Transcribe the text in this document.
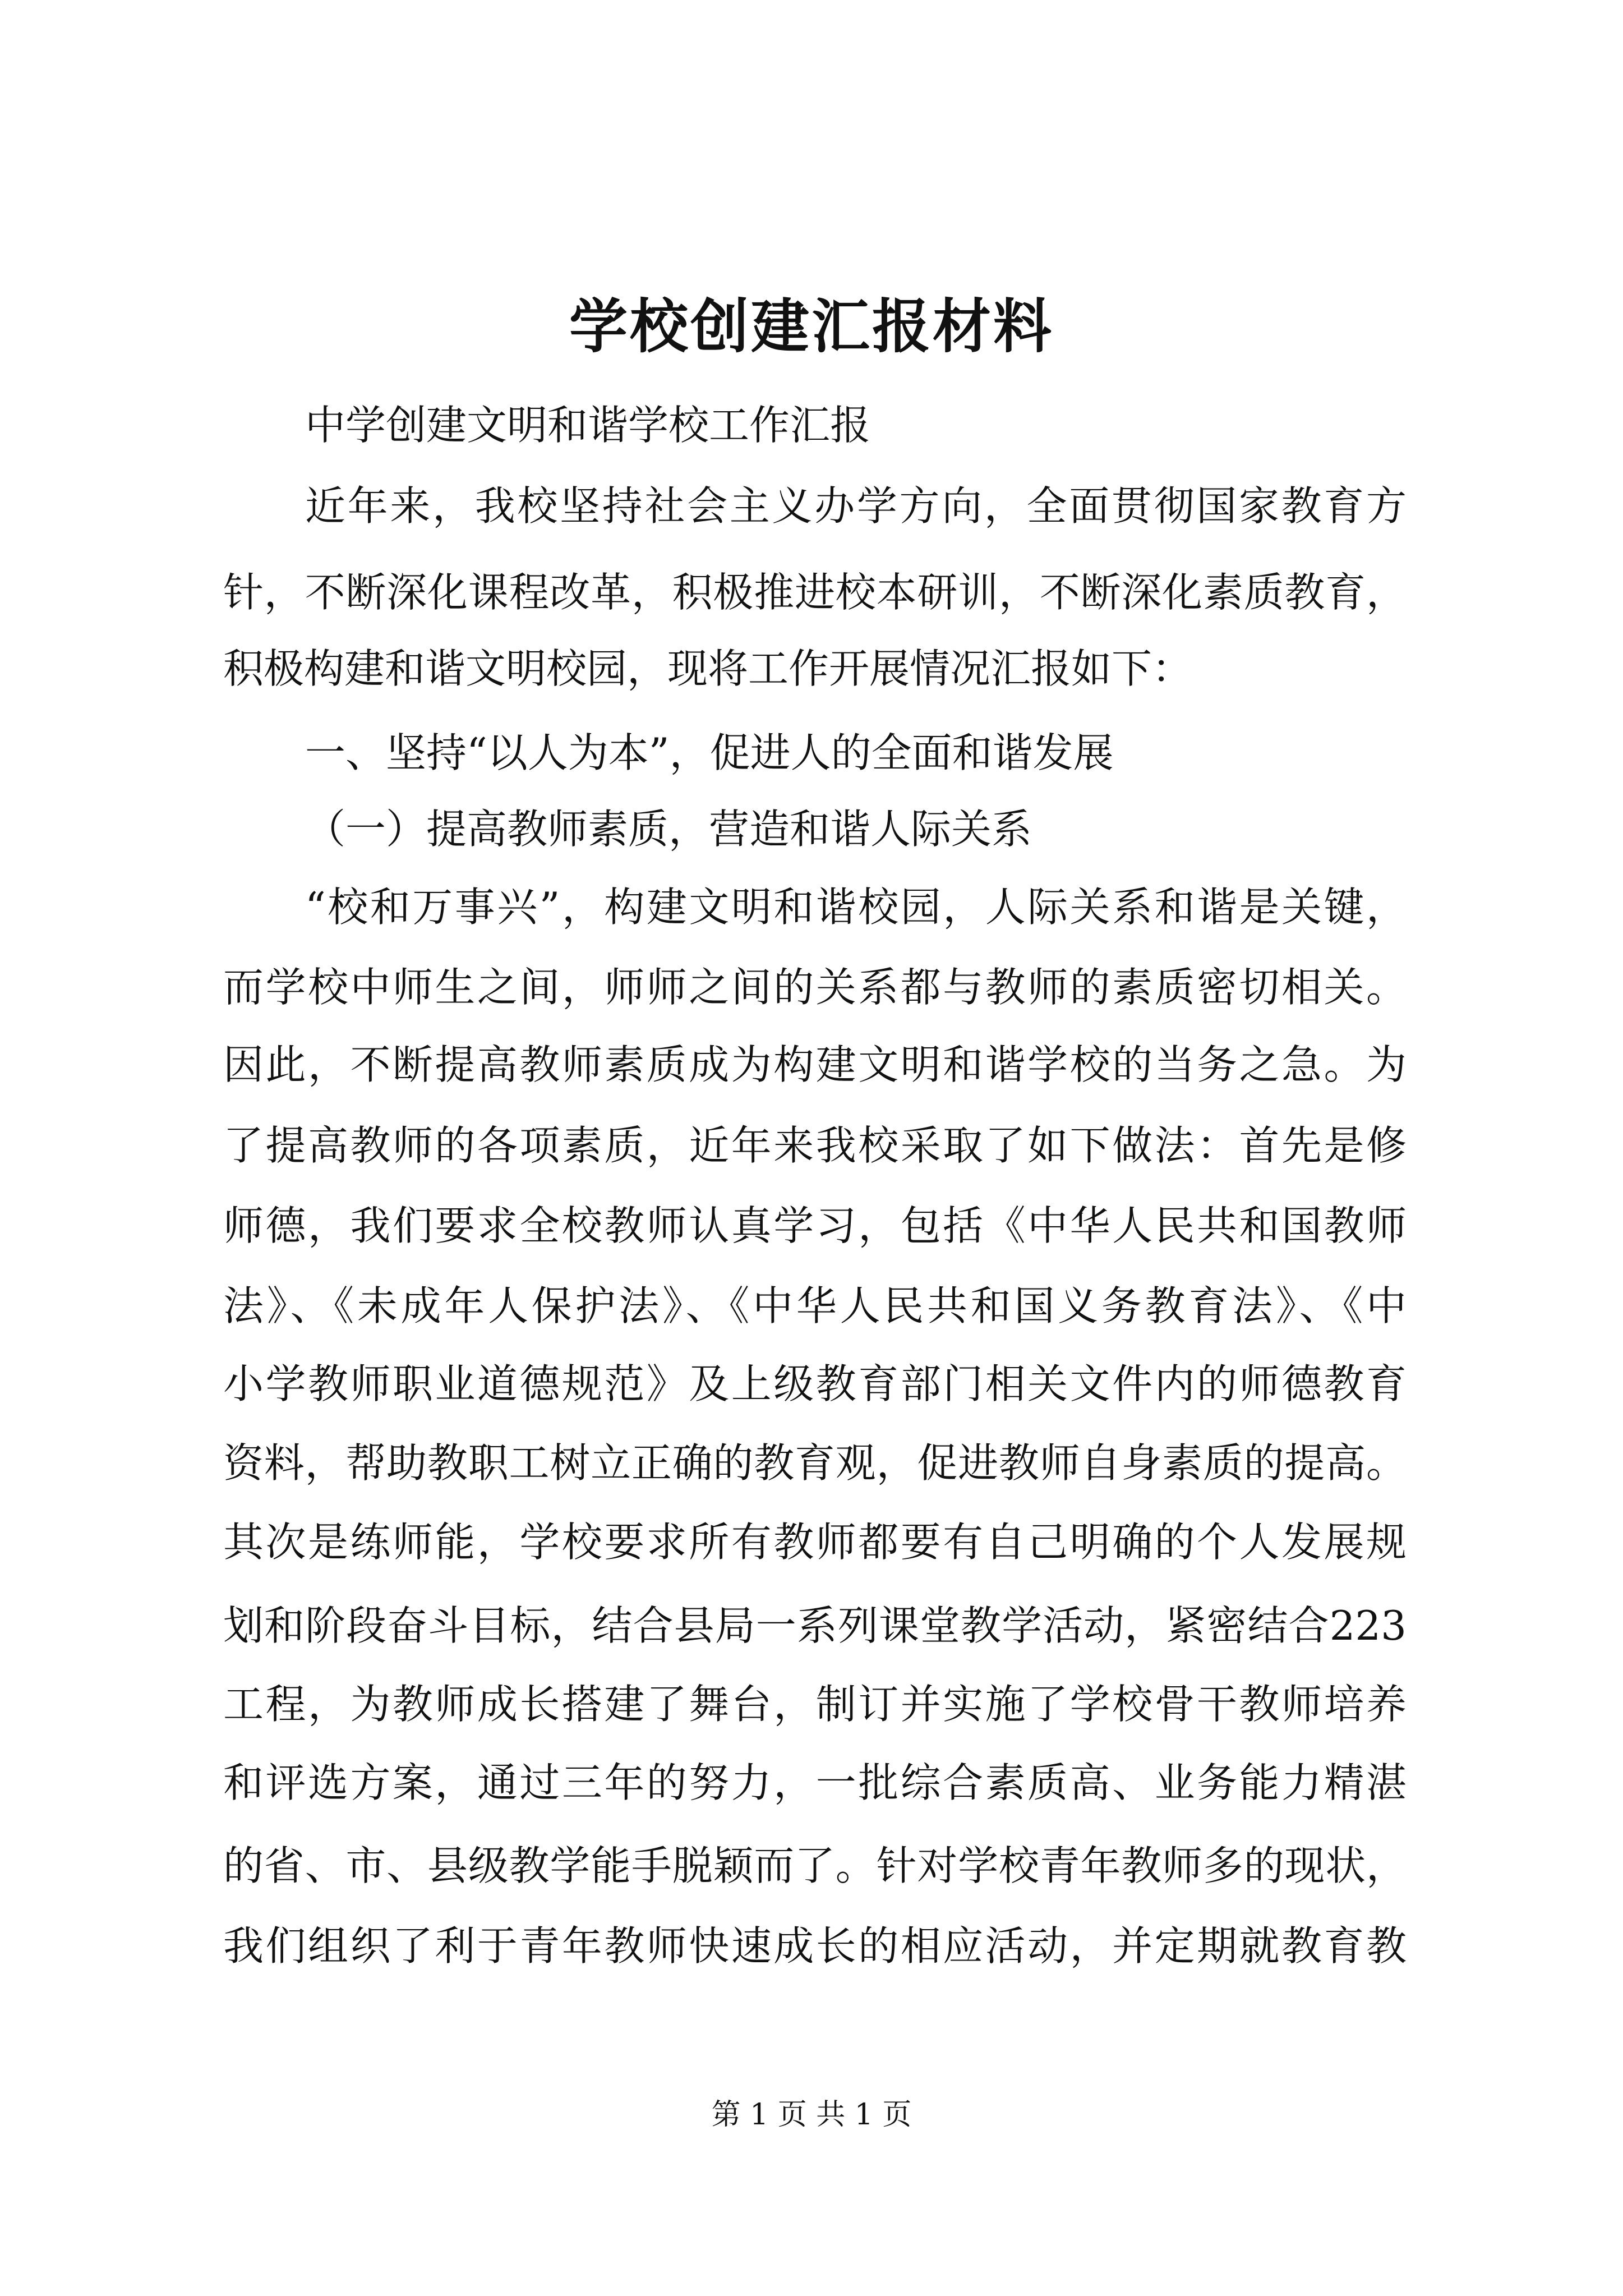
学校创建汇报材料
中学创建文明和谐学校工作汇报
近年来，我校坚持社会主义办学方向，全面贯彻国家教育方
针，不断深化课程改革，积极推进校本研训，不断深化素质教育，
积极构建和谐文明校园，现将工作开展情况汇报如下：
一、坚持“以人为本”，促进人的全面和谐发展
（一）提高教师素质，营造和谐人际关系
“校和万事兴”，构建文明和谐校园，人际关系和谐是关键，
而学校中师生之间，师师之间的关系都与教师的素质密切相关。
因此，不断提高教师素质成为构建文明和谐学校的当务之急。为
了提高教师的各项素质，近年来我校采取了如下做法：首先是修
师德，我们要求全校教师认真学习，包括《中华人民共和国教师
法》、《未成年人保护法》、《中华人民共和国义务教育法》、《中
小学教师职业道德规范》及上级教育部门相关文件内的师德教育
资料，帮助教职工树立正确的教育观，促进教师自身素质的提高。
其次是练师能，学校要求所有教师都要有自己明确的个人发展规
划和阶段奋斗目标，结合县局一系列课堂教学活动，紧密结合223
工程，为教师成长搭建了舞台，制订并实施了学校骨干教师培养
和评选方案，通过三年的努力，一批综合素质高、业务能力精湛
的省、市、县级教学能手脱颖而了。针对学校青年教师多的现状，
我们组织了利于青年教师快速成长的相应活动，并定期就教育教
第 1 页 共 1 页
